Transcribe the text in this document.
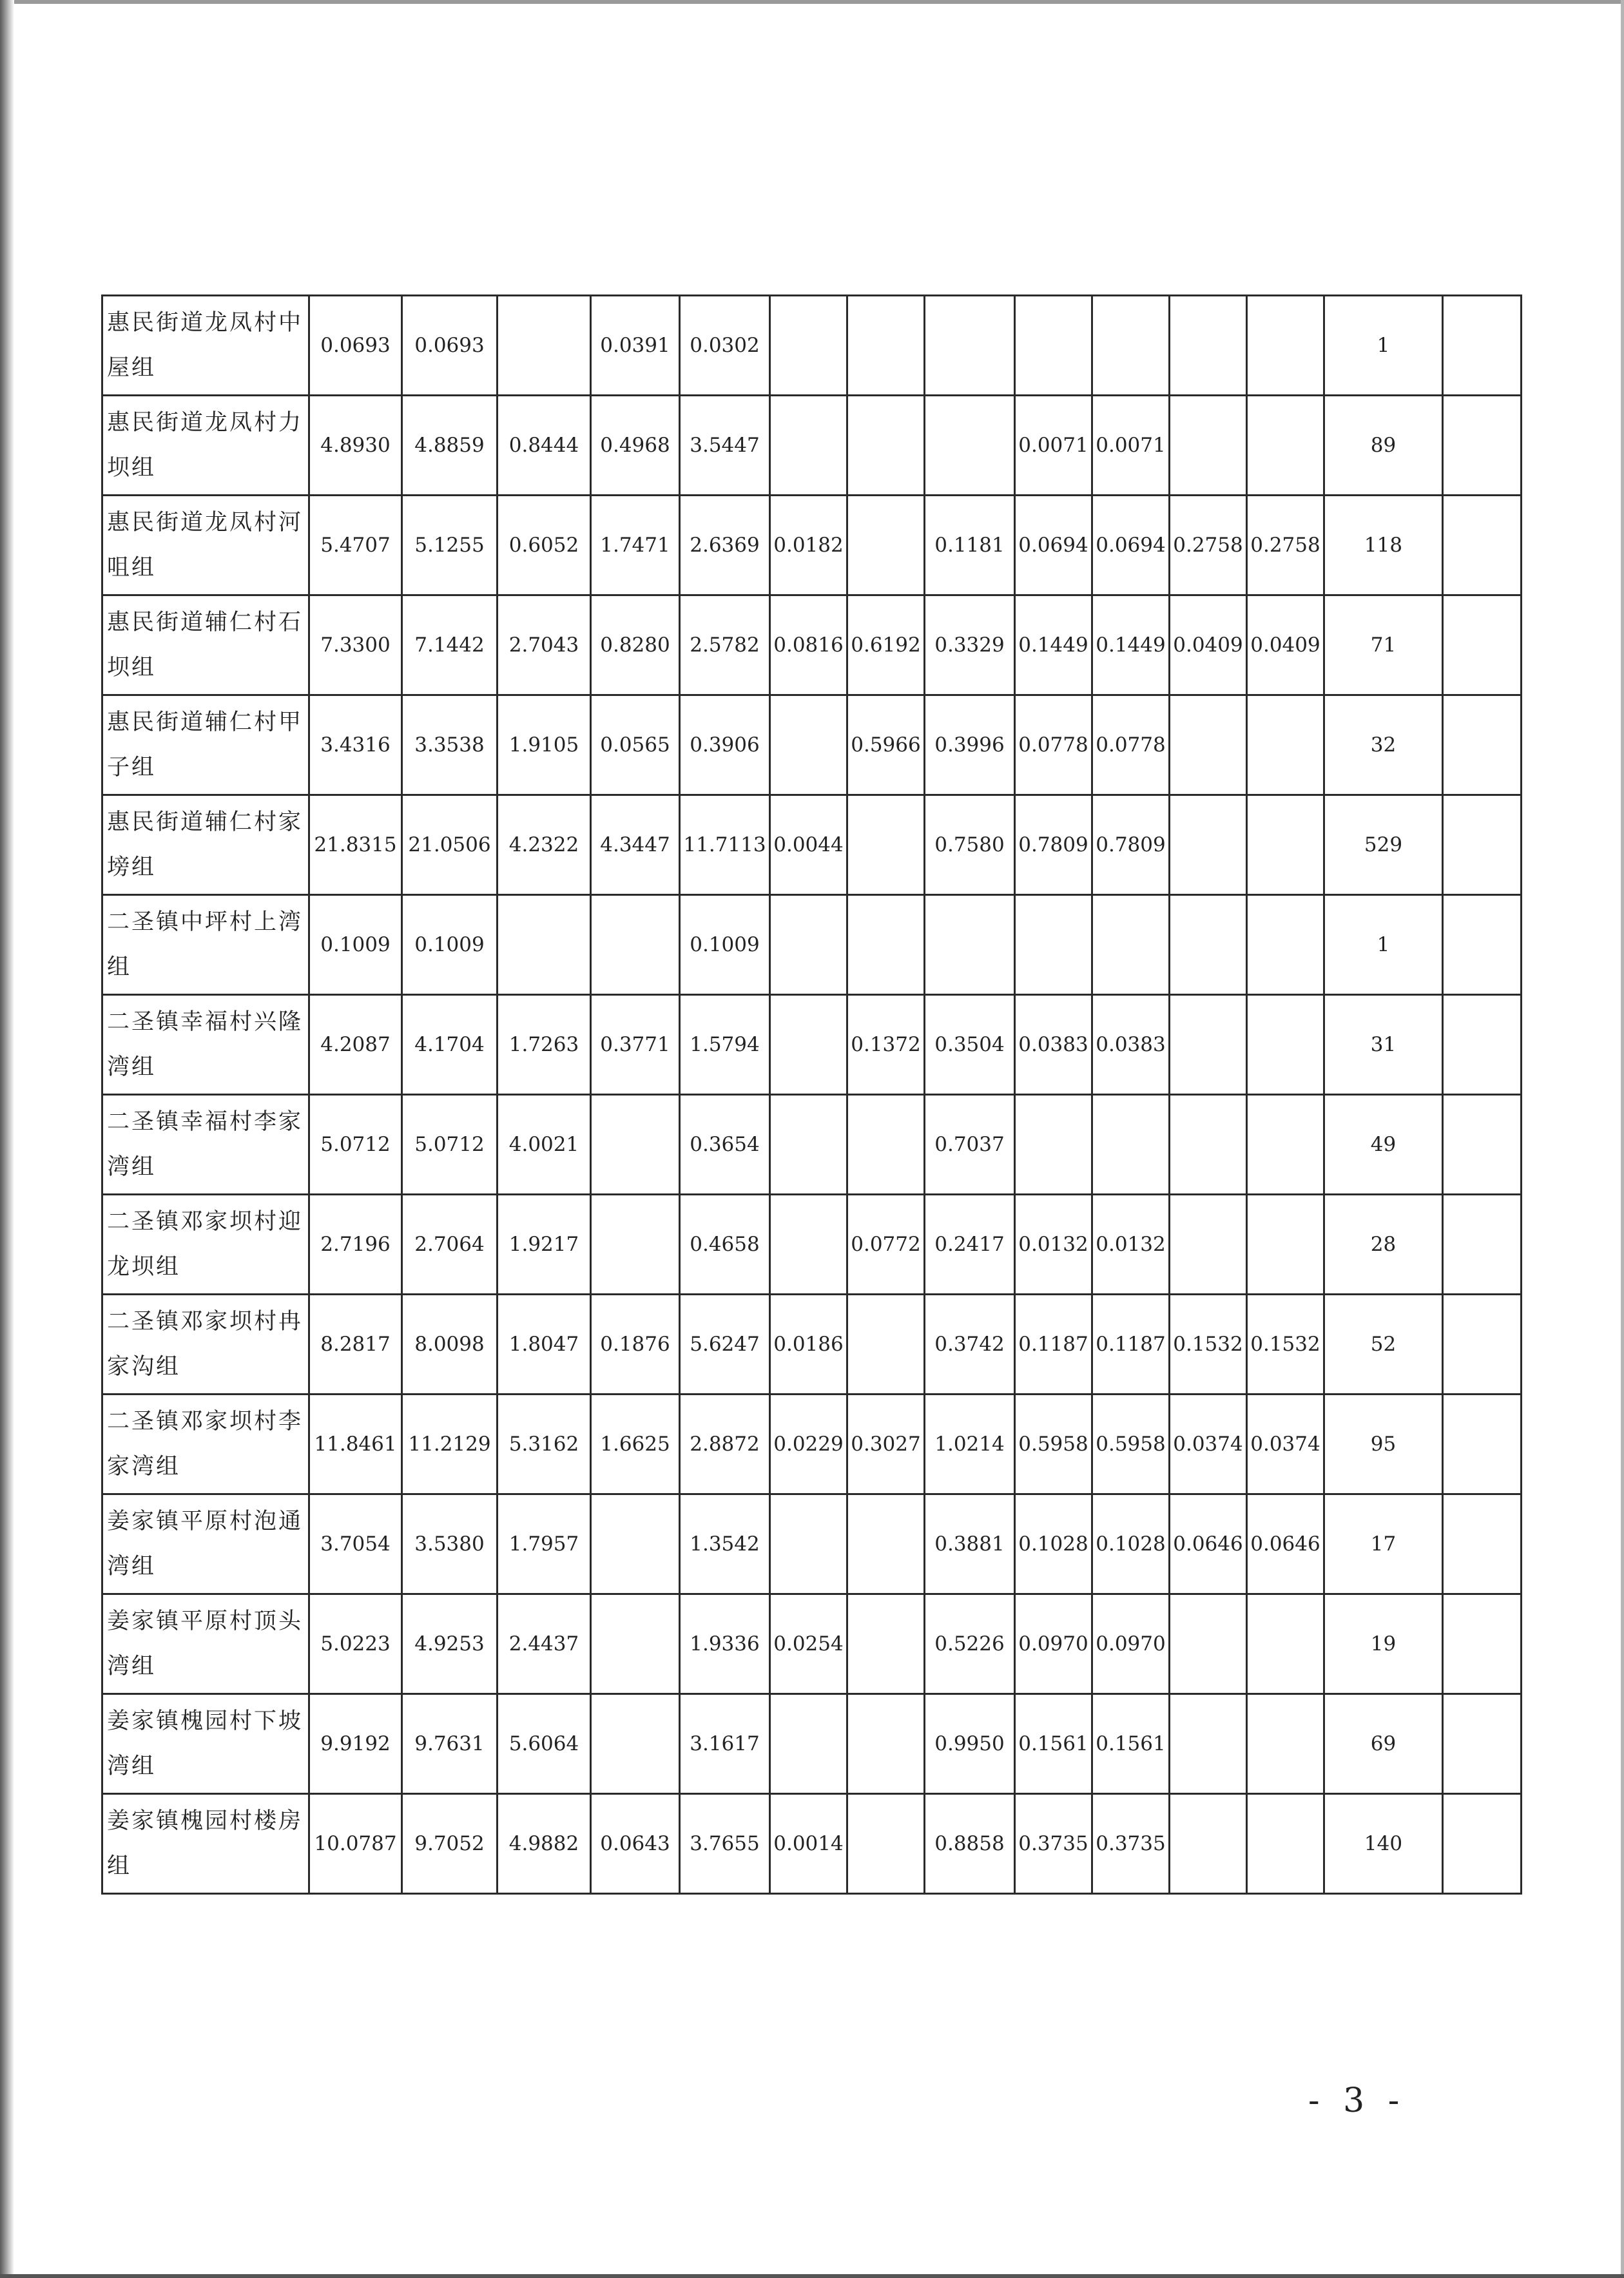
惠民街道龙凤村中屋组	0.0693	0.0693		0.0391	0.0302								1	
惠民街道龙凤村力坝组	4.8930	4.8859	0.8444	0.4968	3.5447				0.0071	0.0071			89	
惠民街道龙凤村河咀组	5.4707	5.1255	0.6052	1.7471	2.6369	0.0182		0.1181	0.0694	0.0694	0.2758	0.2758	118	
惠民街道辅仁村石坝组	7.3300	7.1442	2.7043	0.8280	2.5782	0.0816	0.6192	0.3329	0.1449	0.1449	0.0409	0.0409	71	
惠民街道辅仁村甲子组	3.4316	3.3538	1.9105	0.0565	0.3906		0.5966	0.3996	0.0778	0.0778			32	
惠民街道辅仁村家塝组	21.8315	21.0506	4.2322	4.3447	11.7113	0.0044		0.7580	0.7809	0.7809			529	
二圣镇中坪村上湾组	0.1009	0.1009			0.1009								1	
二圣镇幸福村兴隆湾组	4.2087	4.1704	1.7263	0.3771	1.5794		0.1372	0.3504	0.0383	0.0383			31	
二圣镇幸福村李家湾组	5.0712	5.0712	4.0021		0.3654			0.7037					49	
二圣镇邓家坝村迎龙坝组	2.7196	2.7064	1.9217		0.4658		0.0772	0.2417	0.0132	0.0132			28	
二圣镇邓家坝村冉家沟组	8.2817	8.0098	1.8047	0.1876	5.6247	0.0186		0.3742	0.1187	0.1187	0.1532	0.1532	52	
二圣镇邓家坝村李家湾组	11.8461	11.2129	5.3162	1.6625	2.8872	0.0229	0.3027	1.0214	0.5958	0.5958	0.0374	0.0374	95	
姜家镇平原村泡通湾组	3.7054	3.5380	1.7957		1.3542			0.3881	0.1028	0.1028	0.0646	0.0646	17	
姜家镇平原村顶头湾组	5.0223	4.9253	2.4437		1.9336	0.0254		0.5226	0.0970	0.0970			19	
姜家镇槐园村下坡湾组	9.9192	9.7631	5.6064		3.1617			0.9950	0.1561	0.1561			69	
姜家镇槐园村楼房组	10.0787	9.7052	4.9882	0.0643	3.7655	0.0014		0.8858	0.3735	0.3735			140	
- 3 -
